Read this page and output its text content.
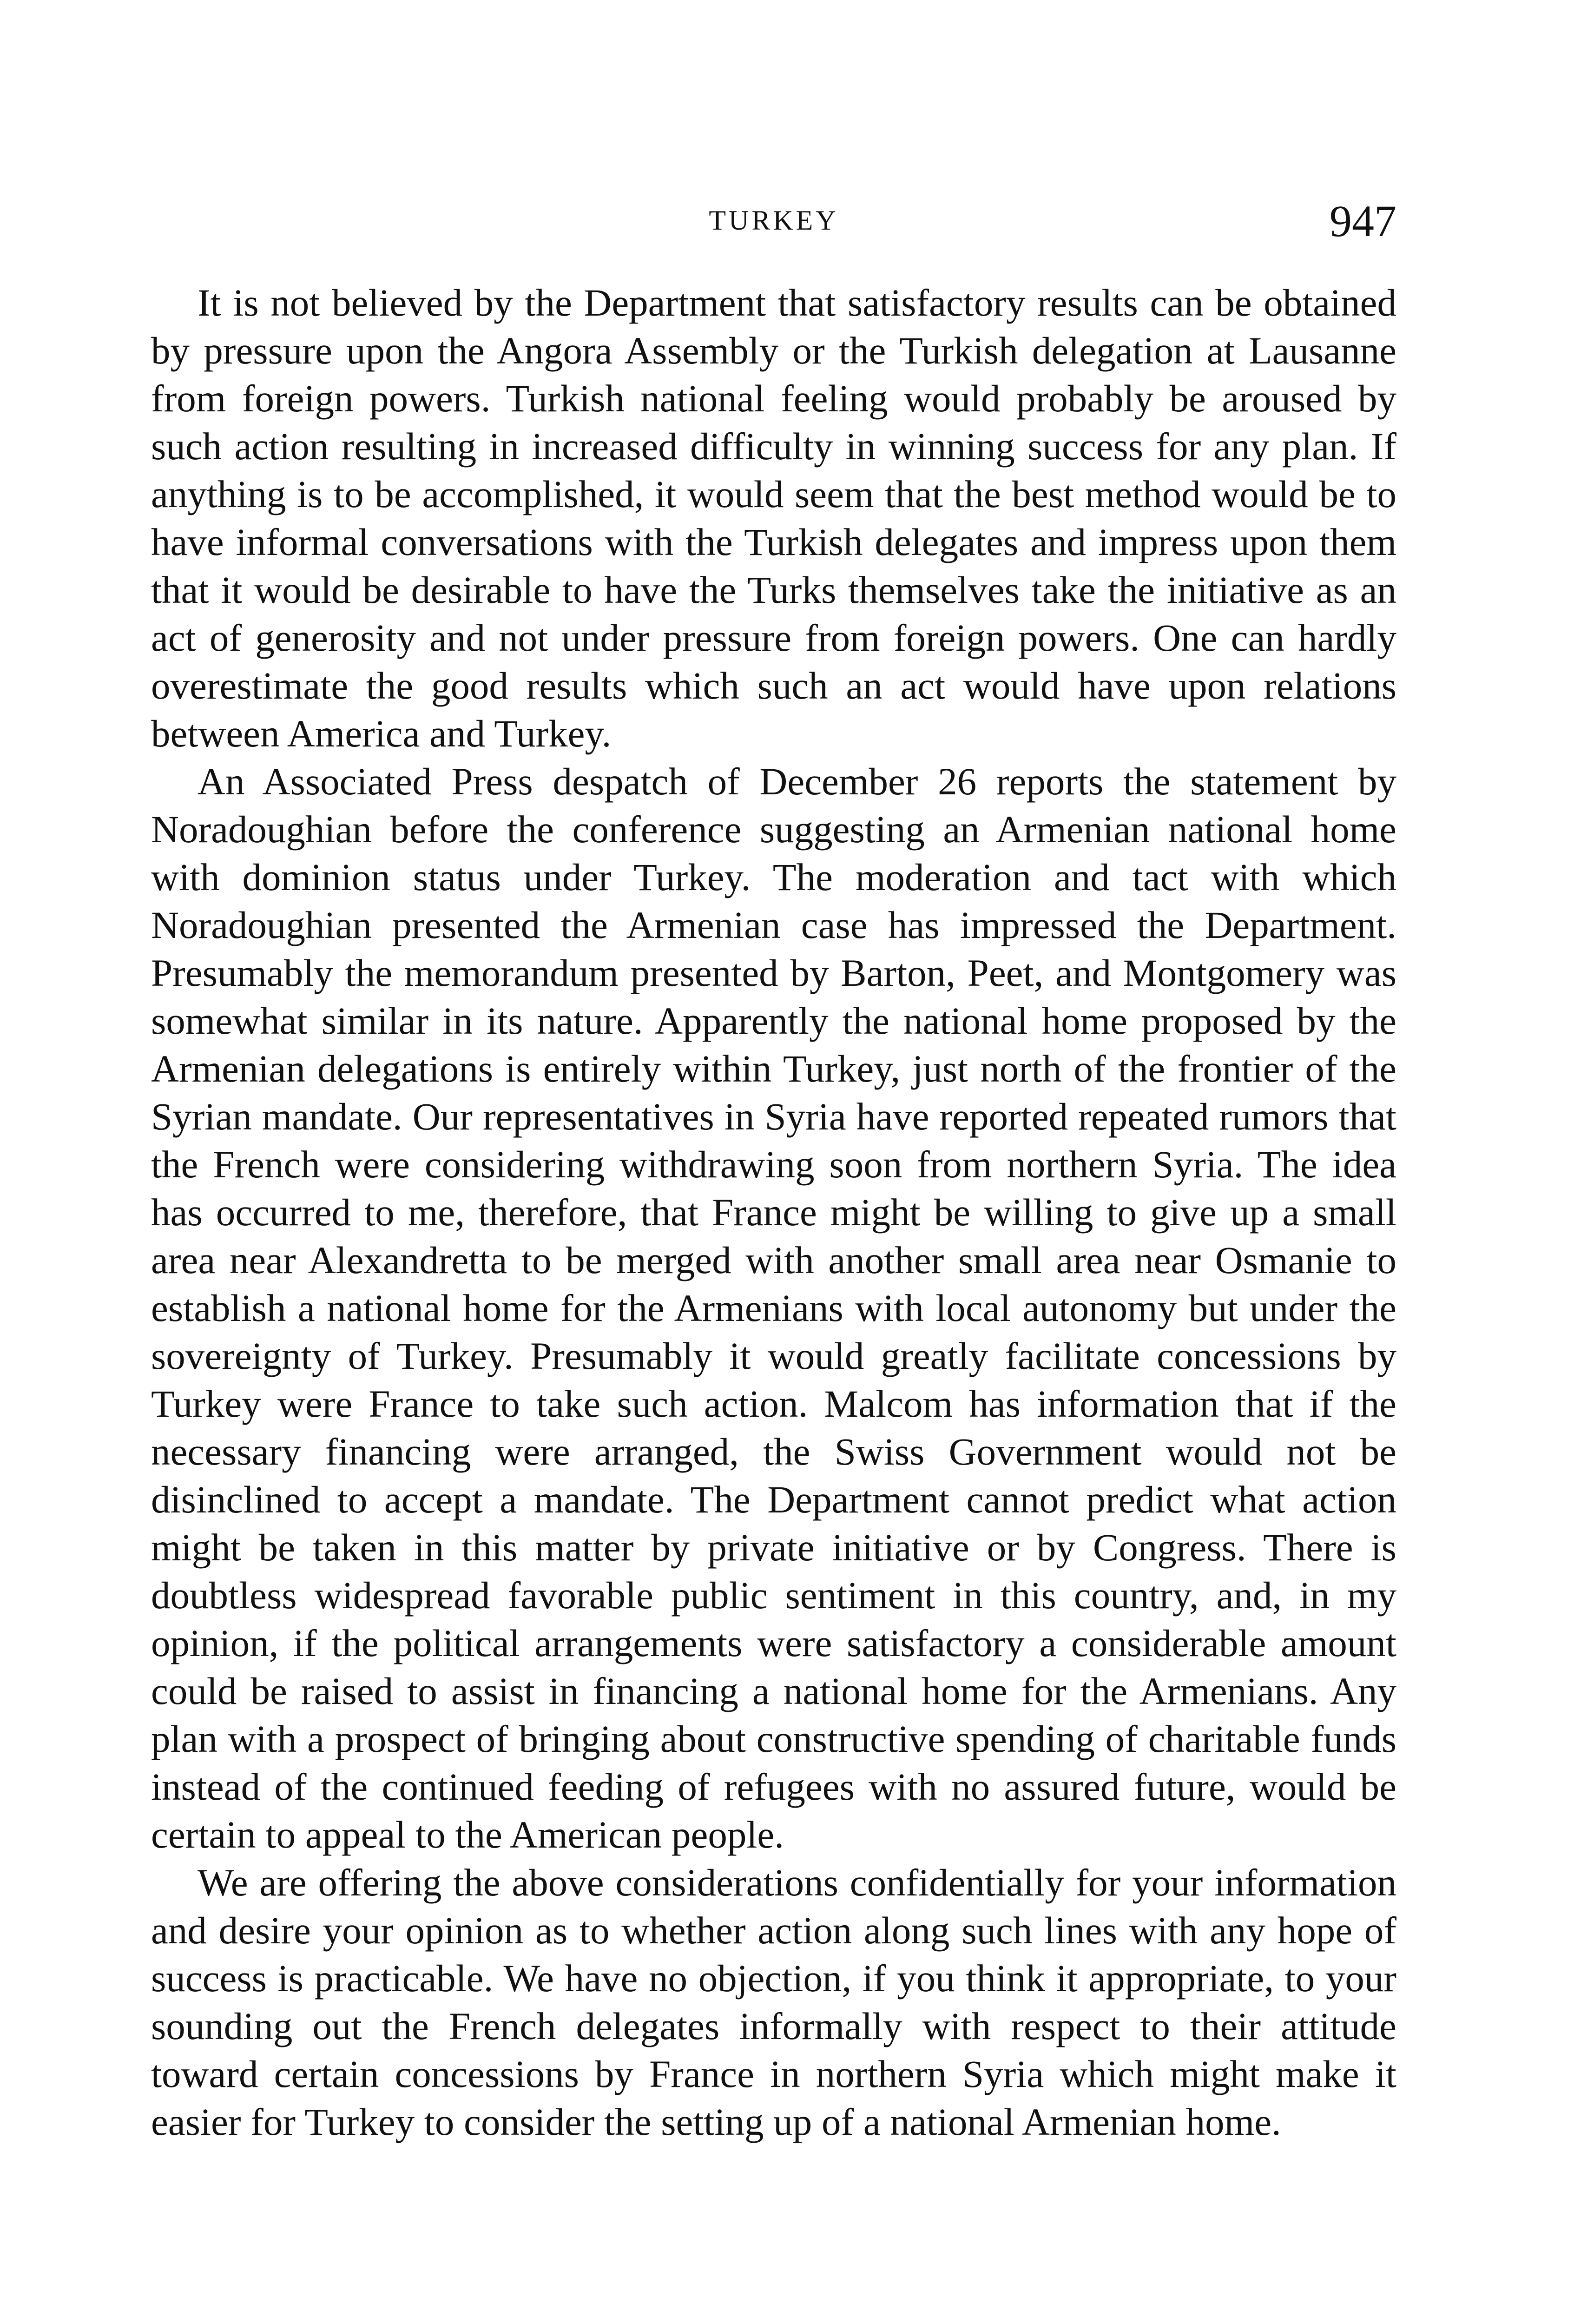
TURKEY	947

It is not believed by the Department that satisfactory results can be obtained by pressure upon the Angora Assembly or the Turkish delegation at Lausanne from foreign powers. Turkish national feeling would probably be aroused by such action resulting in increased difficulty in winning success for any plan. If anything is to be accomplished, it would seem that the best method would be to have informal conversations with the Turkish delegates and impress upon them that it would be desirable to have the Turks themselves take the initiative as an act of generosity and not under pressure from foreign powers. One can hardly overestimate the good results which such an act would have upon relations between America and Turkey.

An Associated Press despatch of December 26 reports the statement by Noradoughian before the conference suggesting an Armenian national home with dominion status under Turkey. The moderation and tact with which Noradoughian presented the Armenian case has impressed the Department. Presumably the memorandum presented by Barton, Peet, and Montgomery was somewhat similar in its nature. Apparently the national home proposed by the Armenian delegations is entirely within Turkey, just north of the frontier of the Syrian mandate. Our representatives in Syria have reported repeated rumors that the French were considering withdrawing soon from northern Syria. The idea has occurred to me, therefore, that France might be willing to give up a small area near Alexandretta to be merged with another small area near Osmanie to establish a national home for the Armenians with local autonomy but under the sovereignty of Turkey. Presumably it would greatly facilitate concessions by Turkey were France to take such action. Malcom has information that if the necessary financing were arranged, the Swiss Government would not be disinclined to accept a mandate. The Department cannot predict what action might be taken in this matter by private initiative or by Congress. There is doubtless widespread favorable public sentiment in this country, and, in my opinion, if the political arrangements were satisfactory a considerable amount could be raised to assist in financing a national home for the Armenians. Any plan with a prospect of bringing about constructive spending of charitable funds instead of the continued feeding of refugees with no assured future, would be certain to appeal to the American people.

We are offering the above considerations confidentially for your information and desire your opinion as to whether action along such lines with any hope of success is practicable. We have no objection, if you think it appropriate, to your sounding out the French delegates informally with respect to their attitude toward certain concessions by France in northern Syria which might make it easier for Turkey to consider the setting up of a national Armenian home.
